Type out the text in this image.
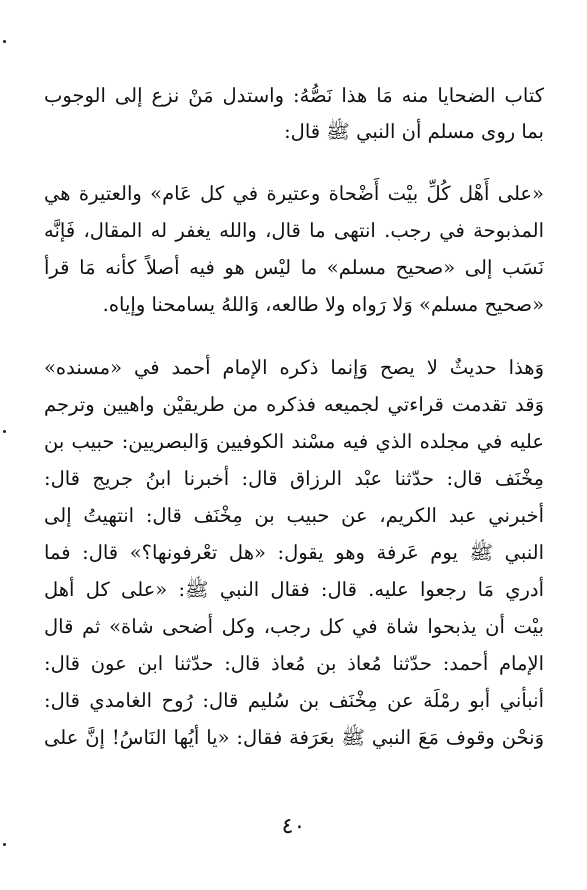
كتاب الضحايا منه مَا هذا نَصُّهُ: واستدل مَنْ نزع إلى الوجوب
بما روى مسلم أن النبي ﷺ قال:
«على أَهْل كُلِّ بيْت أَضْحاة وعتيرة في كل عَام» والعتيرة هي
المذبوحة في رجب. انتهى ما قال، والله يغفر له المقال، فَإنَّه
نَسَب إلى «صحيح مسلم» ما ليْس هو فيه أصلاً كأنه مَا قرأ
«صحيح مسلم» وَلا رَواه ولا طالعه، وَاللهُ يسامحنا وإياه.
وَهذا حديثٌ لا يصح وَإنما ذكره الإمام أحمد في «مسنده»
وَقد تقدمت قراءتي لجميعه فذكره من طريقيْن واهيين وترجم
عليه في مجلده الذي فيه مسْند الكوفيين وَالبصريين: حبيب بن
مِخْنَف قال: حدّثنا عبْد الرزاق قال: أخبرنا ابنُ جريج قال:
أخبرني عبد الكريم، عن حبيب بن مِخْنَف قال: انتهيتُ إلى
النبي ﷺ يوم عَرفة وهو يقول: «هل تعْرفونها؟» قال: فما
أدري مَا رجعوا عليه. قال: فقال النبي ﷺ: «على كل أهل
بيْت أن يذبحوا شاة في كل رجب، وكل أضحى شاة» ثم قال
الإمام أحمد: حدّثنا مُعاذ بن مُعاذ قال: حدّثنا ابن عون قال:
أنبأني أبو رمْلَة عن مِخْنَف بن سُليم قال: رُوح الغامدي قال:
وَنحْن وقوف مَعَ النبي ﷺ بعَرَفة فقال: «يا أيُها النَاسُ! إنَّ على
٤٠
